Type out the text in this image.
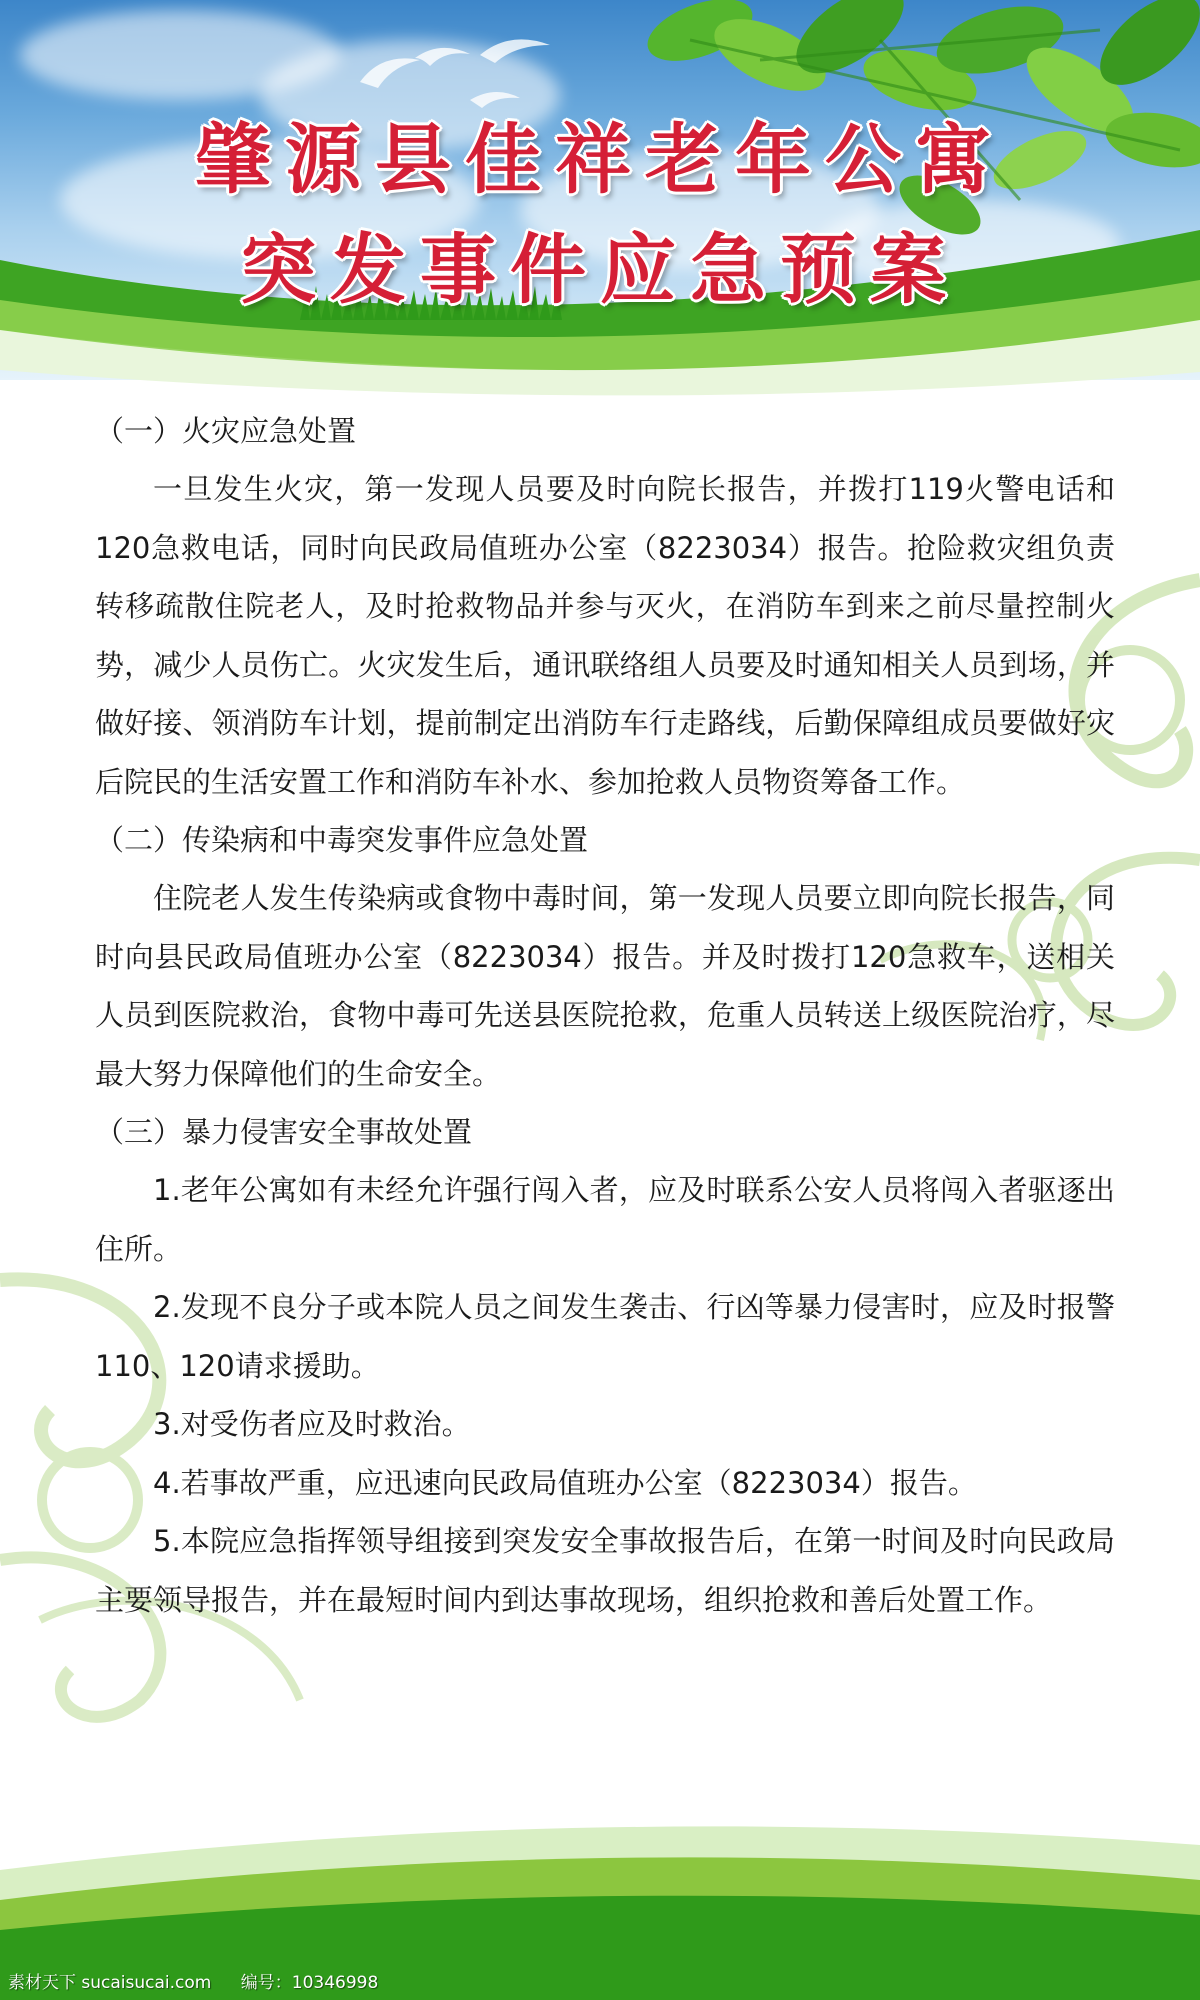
肇源县佳祥老年公寓
突发事件应急预案

（一）火灾应急处置

一旦发生火灾，第一发现人员要及时向院长报告，并拨打119火警电话和120急救电话，同时向民政局值班办公室（8223034）报告。抢险救灾组负责转移疏散住院老人，及时抢救物品并参与灭火，在消防车到来之前尽量控制火势，减少人员伤亡。火灾发生后，通讯联络组人员要及时通知相关人员到场，并做好接、领消防车计划，提前制定出消防车行走路线，后勤保障组成员要做好灾后院民的生活安置工作和消防车补水、参加抢救人员物资筹备工作。

（二）传染病和中毒突发事件应急处置

住院老人发生传染病或食物中毒时间，第一发现人员要立即向院长报告，同时向县民政局值班办公室（8223034）报告。并及时拨打120急救车，送相关人员到医院救治，食物中毒可先送县医院抢救，危重人员转送上级医院治疗，尽最大努力保障他们的生命安全。

（三）暴力侵害安全事故处置

1.老年公寓如有未经允许强行闯入者，应及时联系公安人员将闯入者驱逐出住所。

2.发现不良分子或本院人员之间发生袭击、行凶等暴力侵害时，应及时报警110、120请求援助。

3.对受伤者应及时救治。

4.若事故严重，应迅速向民政局值班办公室（8223034）报告。

5.本院应急指挥领导组接到突发安全事故报告后，在第一时间及时向民政局主要领导报告，并在最短时间内到达事故现场，组织抢救和善后处置工作。

素材天下 sucaisucai.com 编号：10346998
